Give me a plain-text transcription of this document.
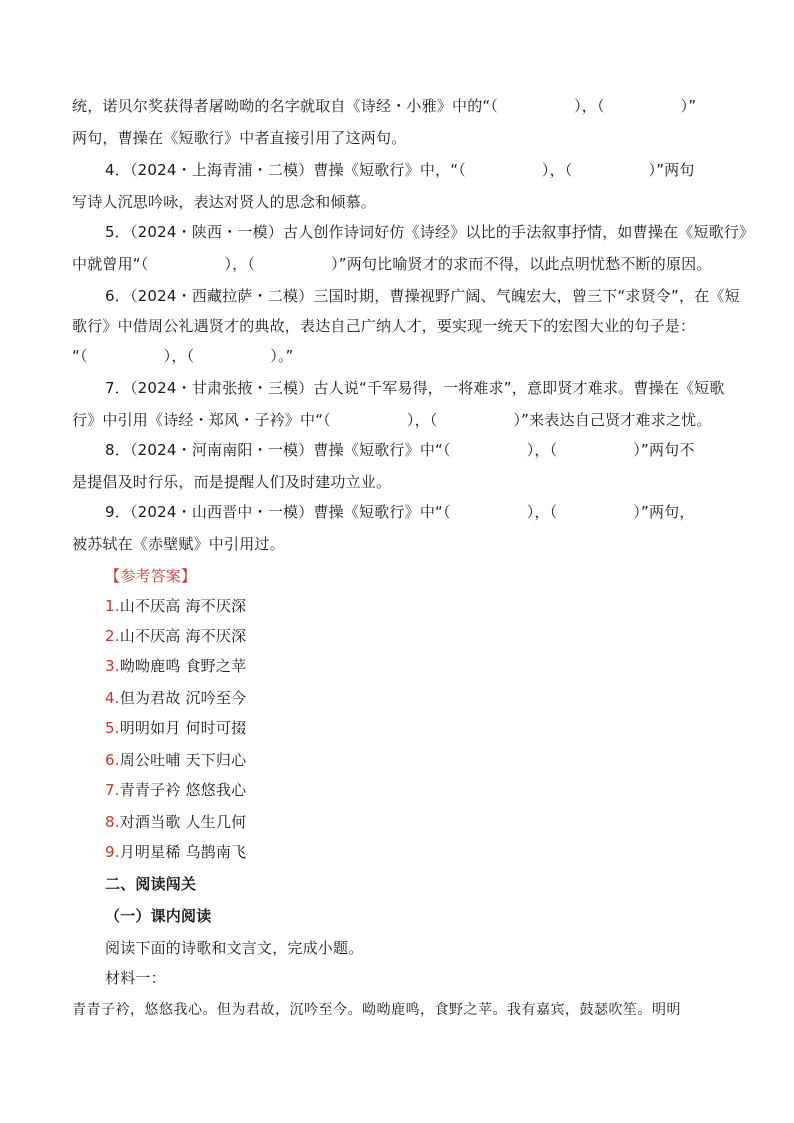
统，诺贝尔奖获得者屠呦呦的名字就取自《诗经・小雅》中的“（　　　　　），（　　　　　）”
两句，曹操在《短歌行》中者直接引用了这两句。
4．（2024・上海青浦・二模）曹操《短歌行》中，“（　　　　　），（　　　　　）”两句
写诗人沉思吟咏，表达对贤人的思念和倾慕。
5．（2024・陕西・一模）古人创作诗词好仿《诗经》以比的手法叙事抒情，如曹操在《短歌行》
中就曾用“（　　　　　），（　　　　　）”两句比喻贤才的求而不得，以此点明忧愁不断的原因。
6．（2024・西藏拉萨・二模）三国时期，曹操视野广阔、气魄宏大，曾三下“求贤令”，在《短
歌行》中借周公礼遇贤才的典故，表达自己广纳人才，要实现一统天下的宏图大业的句子是：
“（　　　　　），（　　　　　）。”
7．（2024・甘肃张掖・三模）古人说“千军易得，一将难求”，意即贤才难求。曹操在《短歌
行》中引用《诗经・郑风・子衿》中“（　　　　　），（　　　　　）”来表达自己贤才难求之忧。
8．（2024・河南南阳・一模）曹操《短歌行》中“（　　　　　），（　　　　　）”两句不
是提倡及时行乐，而是提醒人们及时建功立业。
9．（2024・山西晋中・一模）曹操《短歌行》中“（　　　　　），（　　　　　）”两句，
被苏轼在《赤壁赋》中引用过。
【参考答案】
1.山不厌高 海不厌深
2.山不厌高 海不厌深
3.呦呦鹿鸣 食野之苹
4.但为君故 沉吟至今
5.明明如月 何时可掇
6.周公吐哺 天下归心
7.青青子衿 悠悠我心
8.对酒当歌 人生几何
9.月明星稀 乌鹊南飞
二、阅读闯关
（一）课内阅读
阅读下面的诗歌和文言文，完成小题。
材料一：
青青子衿，悠悠我心。但为君故，沉吟至今。呦呦鹿鸣，食野之苹。我有嘉宾，鼓瑟吹笙。明明
